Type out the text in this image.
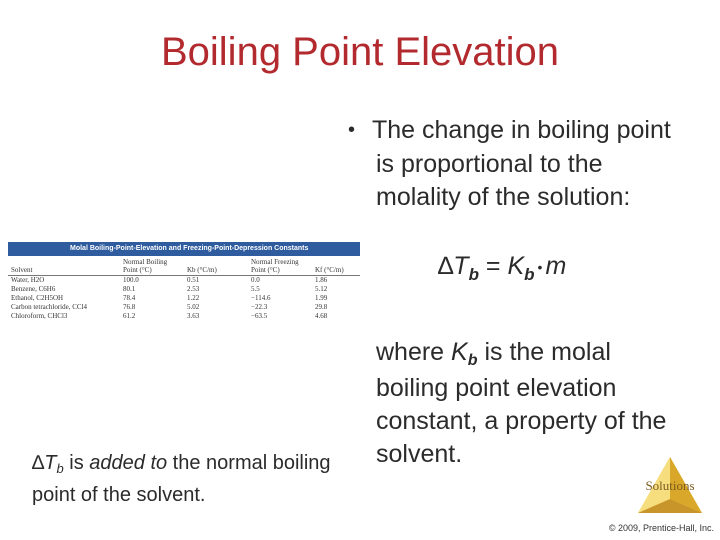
Boiling Point Elevation
Molal Boiling-Point-Elevation and Freezing-Point-Depression Constants
Solvent	Normal Boiling Point (°C)	Kb (°C/m)	Normal Freezing Point (°C)	Kf (°C/m)
Water, H2O	100.0	0.51	0.0	1.86
Benzene, C6H6	80.1	2.53	5.5	5.12
Ethanol, C2H5OH	78.4	1.22	−114.6	1.99
Carbon tetrachloride, CCl4	76.8	5.02	−22.3	29.8
Chloroform, CHCl3	61.2	3.63	−63.5	4.68
• The change in boiling point is proportional to the molality of the solution:
$\Delta T_b = K_b$ • m
where $K_b$ is the molal boiling point elevation constant, a property of the solvent.
$\Delta T_b$ is added to the normal boiling point of the solvent.	Solutions
© 2009, Prentice-Hall, Inc.
